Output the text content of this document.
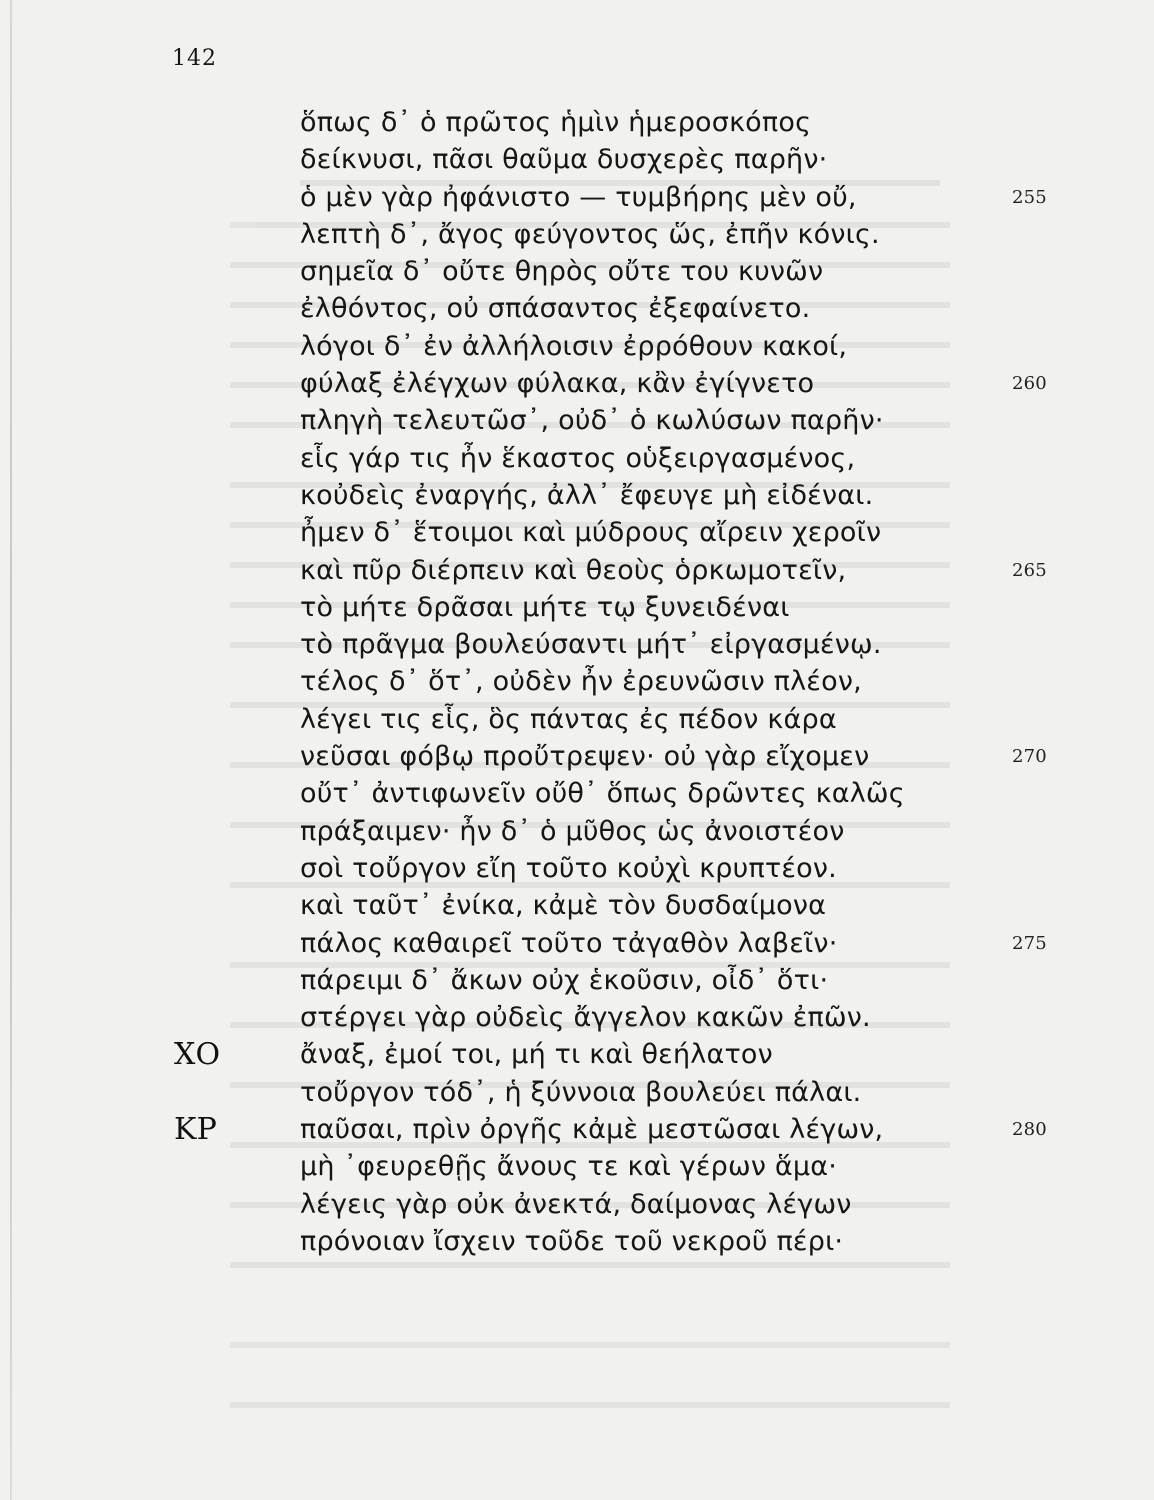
142
ὅπως δ᾽ ὁ πρῶτος ἡμὶν ἡμεροσκόπος
δείκνυσι, πᾶσι θαῦμα δυσχερὲς παρῆν·
ὁ μὲν γὰρ ἠφάνιστο — τυμβήρης μὲν οὔ,	255
λεπτὴ δ᾽, ἄγος φεύγοντος ὥς, ἐπῆν κόνις.
σημεῖα δ᾽ οὔτε θηρὸς οὔτε του κυνῶν
ἐλθόντος, οὐ σπάσαντος ἐξεφαίνετο.
λόγοι δ᾽ ἐν ἀλλήλοισιν ἐρρόθουν κακοί,
φύλαξ ἐλέγχων φύλακα, κἂν ἐγίγνετο	260
πληγὴ τελευτῶσ᾽, οὐδ᾽ ὁ κωλύσων παρῆν·
εἷς γάρ τις ἦν ἕκαστος οὑξειργασμένος,
κοὐδεὶς ἐναργής, ἀλλ᾽ ἔφευγε μὴ εἰδέναι.
ἦμεν δ᾽ ἕτοιμοι καὶ μύδρους αἴρειν χεροῖν
καὶ πῦρ διέρπειν καὶ θεοὺς ὁρκωμοτεῖν,	265
τὸ μήτε δρᾶσαι μήτε τῳ ξυνειδέναι
τὸ πρᾶγμα βουλεύσαντι μήτ᾽ εἰργασμένῳ.
τέλος δ᾽ ὅτ᾽, οὐδὲν ἦν ἐρευνῶσιν πλέον,
λέγει τις εἷς, ὃς πάντας ἐς πέδον κάρα
νεῦσαι φόβῳ προὔτρεψεν· οὐ γὰρ εἴχομεν	270
οὔτ᾽ ἀντιφωνεῖν οὔθ᾽ ὅπως δρῶντες καλῶς
πράξαιμεν· ἦν δ᾽ ὁ μῦθος ὡς ἀνοιστέον
σοὶ τοὔργον εἴη τοῦτο κοὐχὶ κρυπτέον.
καὶ ταῦτ᾽ ἐνίκα, κἀμὲ τὸν δυσδαίμονα
πάλος καθαιρεῖ τοῦτο τἀγαθὸν λαβεῖν·	275
πάρειμι δ᾽ ἄκων οὐχ ἑκοῦσιν, οἶδ᾽ ὅτι·
στέργει γὰρ οὐδεὶς ἄγγελον κακῶν ἐπῶν.
ΧΟ	ἄναξ, ἐμοί τοι, μή τι καὶ θεήλατον
τοὔργον τόδ᾽, ἡ ξύννοια βουλεύει πάλαι.
ΚΡ	παῦσαι, πρὶν ὀργῆς κἀμὲ μεστῶσαι λέγων,	280
μὴ ᾽φευρεθῇς ἄνους τε καὶ γέρων ἅμα·
λέγεις γὰρ οὐκ ἀνεκτά, δαίμονας λέγων
πρόνοιαν ἴσχειν τοῦδε τοῦ νεκροῦ πέρι·
